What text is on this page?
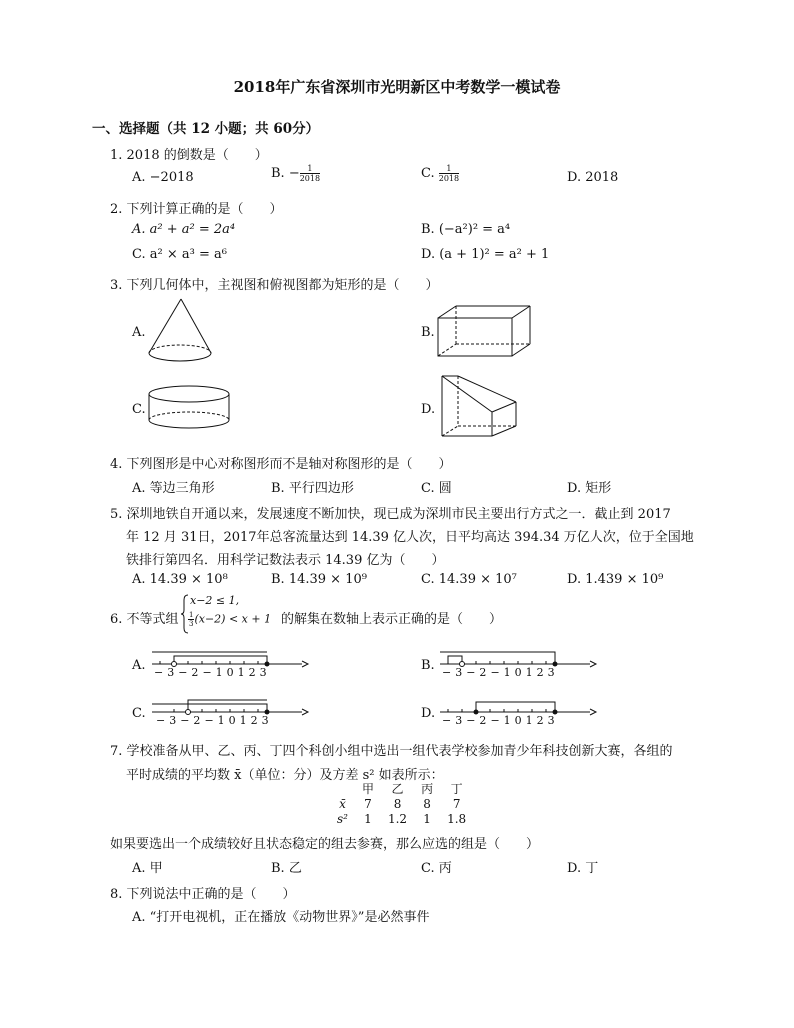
2018年广东省深圳市光明新区中考数学一模试卷
一、选择题（共 12 小题；共 60分）
1. 2018 的倒数是（　　）
A. −2018	B. − $\frac{1}{2018}$	C. $\frac{1}{2018}$	D. 2018
2. 下列计算正确的是（　　）
A. a² + a² = 2a⁴	B. (−a²)² = a⁴
C. a² × a³ = a⁶	D. (a + 1)² = a² + 1
3. 下列几何体中，主视图和俯视图都为矩形的是（　　）
A.	B.
C.	D.
4. 下列图形是中心对称图形而不是轴对称图形的是（　　）
A. 等边三角形	B. 平行四边形	C. 圆	D. 矩形
5. 深圳地铁自开通以来，发展速度不断加快，现已成为深圳市民主要出行方式之一．截止到 2017
年 12 月 31日，2017年总客流量达到 14.39 亿人次，日平均高达 394.34 万亿人次，位于全国地
铁排行第四名．用科学记数法表示 14.39 亿为（　　）
A. 14.39 × 10⁸	B. 14.39 × 10⁹	C. 14.39 × 10⁷	D. 1.439 × 10⁹
6. 不等式组
x−2 ≤ 1,
$\frac{1}{3} (x-2) < x + 1$ 的解集在数轴上表示正确的是（　　）
A.	B.
C.	D.
−3−2−10123	−3−2−10123
−3−2−10123	−3−2−10123
7. 学校准备从甲、乙、丙、丁四个科创小组中选出一组代表学校参加青少年科技创新大赛，各组的
平时成绩的平均数 x̄（单位：分）及方差 s² 如表所示：
	甲	乙	丙	丁
x̄	7	8	8	7
s²	1	1.2	1	1.8
如果要选出一个成绩较好且状态稳定的组去参赛，那么应选的组是（　　）
A. 甲	B. 乙	C. 丙	D. 丁
8. 下列说法中正确的是（　　）
A. “打开电视机，正在播放《动物世界》”是必然事件
